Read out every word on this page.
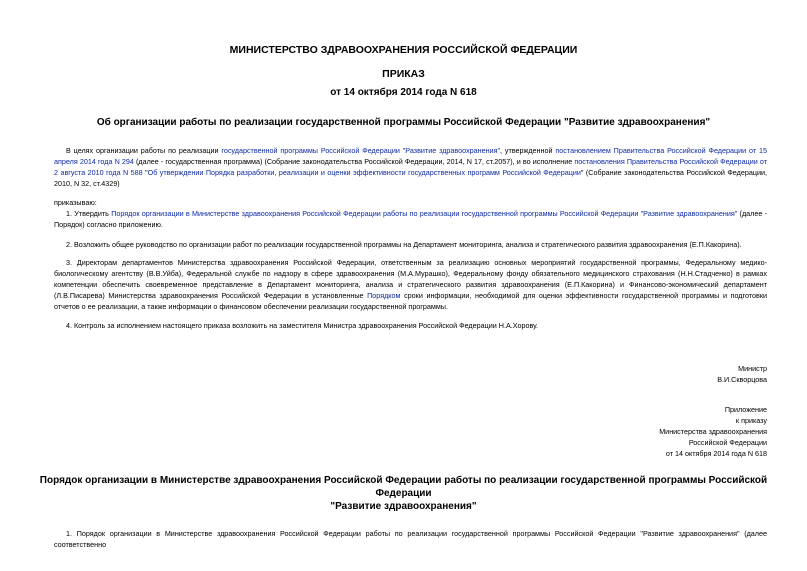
МИНИСТЕРСТВО ЗДРАВООХРАНЕНИЯ РОССИЙСКОЙ ФЕДЕРАЦИИ
ПРИКАЗ
от 14 октября 2014 года N 618
Об организации работы по реализации государственной программы Российской Федерации "Развитие здравоохранения"
В целях организации работы по реализации государственной программы Российской Федерации "Развитие здравоохранения", утвержденной постановлением Правительства Российской Федерации от 15 апреля 2014 года N 294 (далее - государственная программа) (Собрание законодательства Российской Федерации, 2014, N 17, ст.2057), и во исполнение постановления Правительства Российской Федерации от 2 августа 2010 года N 588 "Об утверждении Порядка разработки, реализации и оценки эффективности государственных программ Российской Федерации" (Собрание законодательства Российской Федерации, 2010, N 32, ст.4329)
приказываю:
1. Утвердить Порядок организации в Министерстве здравоохранения Российской Федерации работы по реализации государственной программы Российской Федерации "Развитие здравоохранения" (далее - Порядок) согласно приложению.
2. Возложить общее руководство по организации работ по реализации государственной программы на Департамент мониторинга, анализа и стратегического развития здравоохранения (Е.П.Какорина).
3. Директорам департаментов Министерства здравоохранения Российской Федерации, ответственным за реализацию основных мероприятий государственной программы, Федеральному медико-биологическому агентству (В.В.Уйба), Федеральной службе по надзору в сфере здравоохранения (М.А.Мурашко), Федеральному фонду обязательного медицинского страхования (Н.Н.Стадченко) в рамках компетенции обеспечить своевременное представление в Департамент мониторинга, анализа и стратегического развития здравоохранения (Е.П.Какорина) и Финансово-экономический департамент (Л.В.Писарева) Министерства здравоохранения Российской Федерации в установленные Порядком сроки информации, необходимой для оценки эффективности государственной программы и подготовки отчетов о ее реализации, а также информации о финансовом обеспечении реализации государственной программы.
4. Контроль за исполнением настоящего приказа возложить на заместителя Министра здравоохранения Российской Федерации Н.А.Хорову.
Министр
В.И.Скворцова
Приложение
к приказу
Министерства здравоохранения
Российской Федерации
от 14 октября 2014 года N 618
Порядок организации в Министерстве здравоохранения Российской Федерации работы по реализации государственной программы Российской Федерации
"Развитие здравоохранения"
1. Порядок организации в Министерстве здравоохранения Российской Федерации работы по реализации государственной программы Российской Федерации "Развитие здравоохранения" (далее соответственно
